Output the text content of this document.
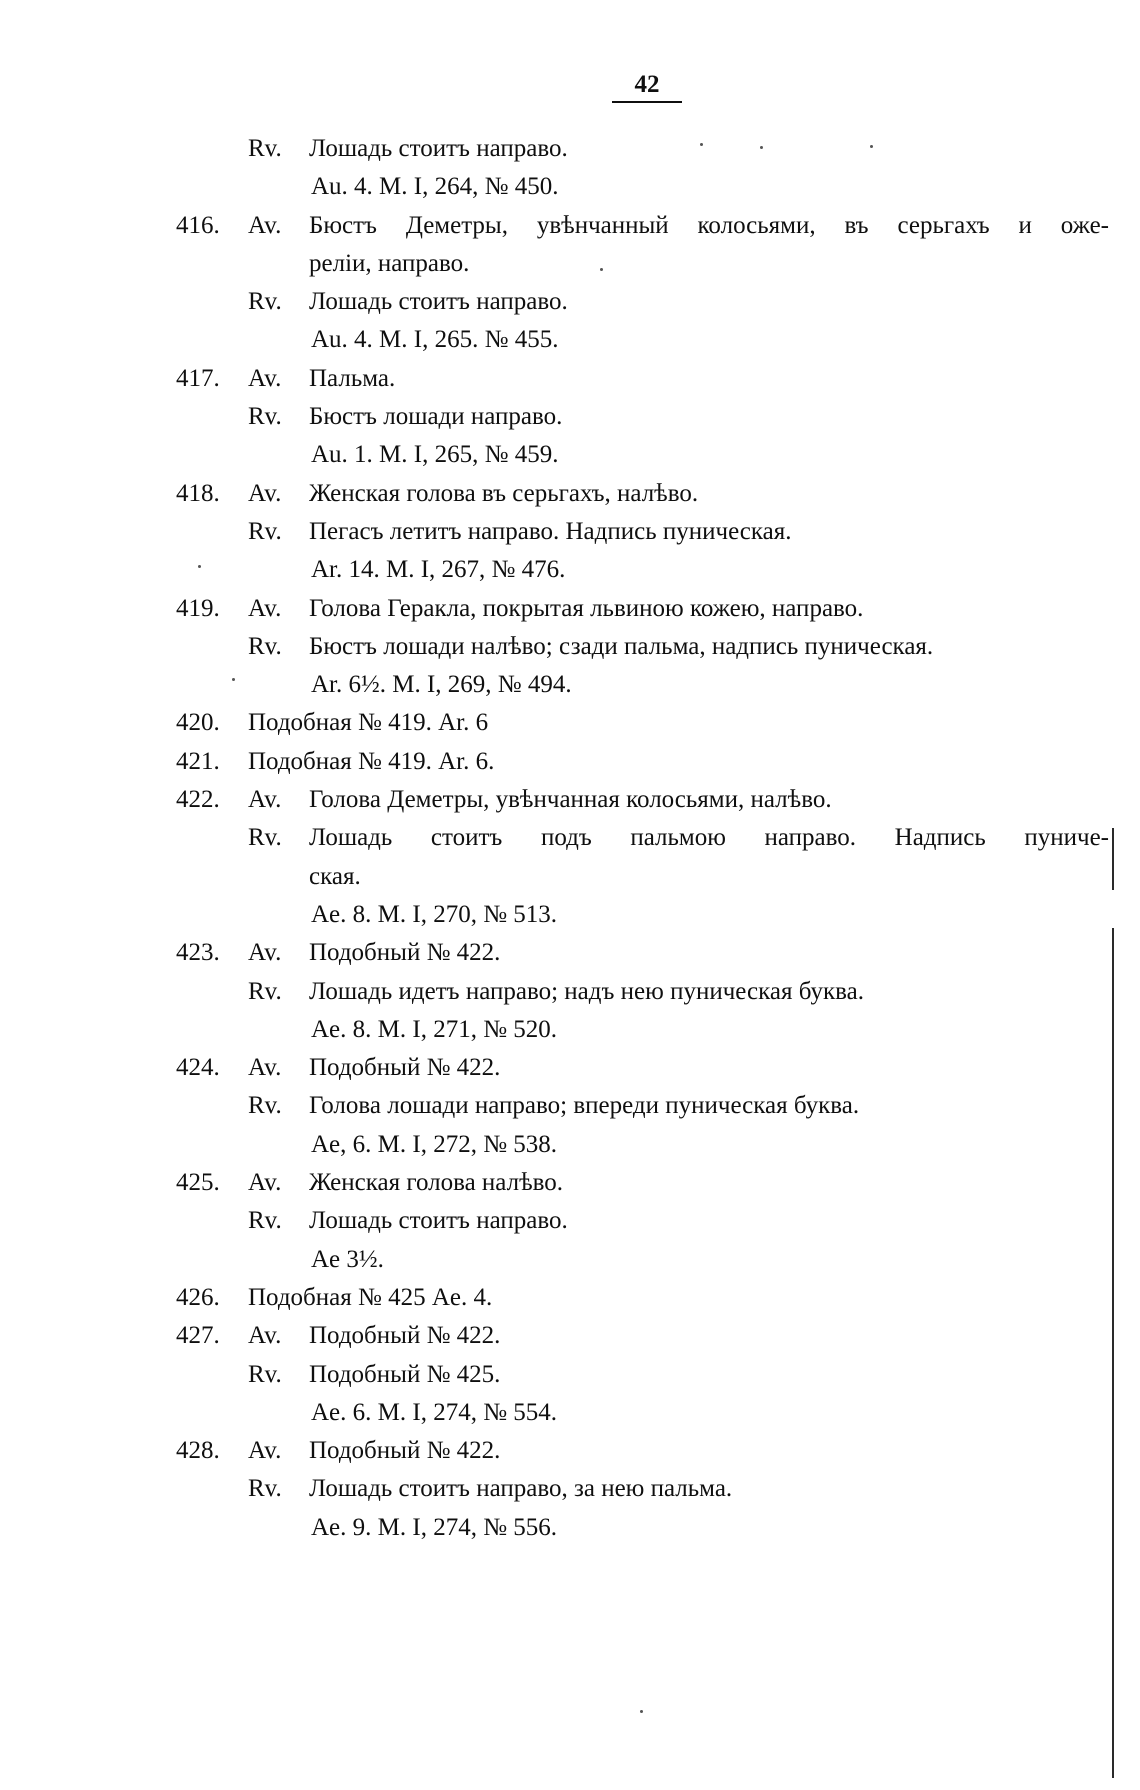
42
Rv. Лошадь стоитъ направо.
Au. 4. M. I, 264, № 450.
416. Av. Бюстъ Деметры, увѣнчанный колосьями, въ серьгахъ и оже-
реліи, направо.
Rv. Лошадь стоитъ направо.
Au. 4. M. I, 265. № 455.
417. Av. Пальма.
Rv. Бюстъ лошади направо.
Au. 1. M. I, 265, № 459.
418. Av. Женская голова въ серьгахъ, налѣво.
Rv. Пегасъ летитъ направо. Надпись пуническая.
Ar. 14. M. I, 267, № 476.
419. Av. Голова Геракла, покрытая львиною кожею, направо.
Rv. Бюстъ лошади налѣво; сзади пальма, надпись пуническая.
Ar. 6½. M. I, 269, № 494.
420. Подобная № 419. Ar. 6
421. Подобная № 419. Ar. 6.
422. Av. Голова Деметры, увѣнчанная колосьями, налѣво.
Rv. Лошадь стоитъ подъ пальмою направо. Надпись пуниче-
ская.
Ae. 8. M. I, 270, № 513.
423. Av. Подобный № 422.
Rv. Лошадь идетъ направо; надъ нею пуническая буква.
Ae. 8. M. I, 271, № 520.
424. Av. Подобный № 422.
Rv. Голова лошади направо; впереди пуническая буква.
Ae, 6. M. I, 272, № 538.
425. Av. Женская голова налѣво.
Rv. Лошадь стоитъ направо.
Ae 3½.
426. Подобная № 425 Ae. 4.
427. Av. Подобный № 422.
Rv. Подобный № 425.
Ae. 6. M. I, 274, № 554.
428. Av. Подобный № 422.
Rv. Лошадь стоитъ направо, за нею пальма.
Ae. 9. M. I, 274, № 556.
